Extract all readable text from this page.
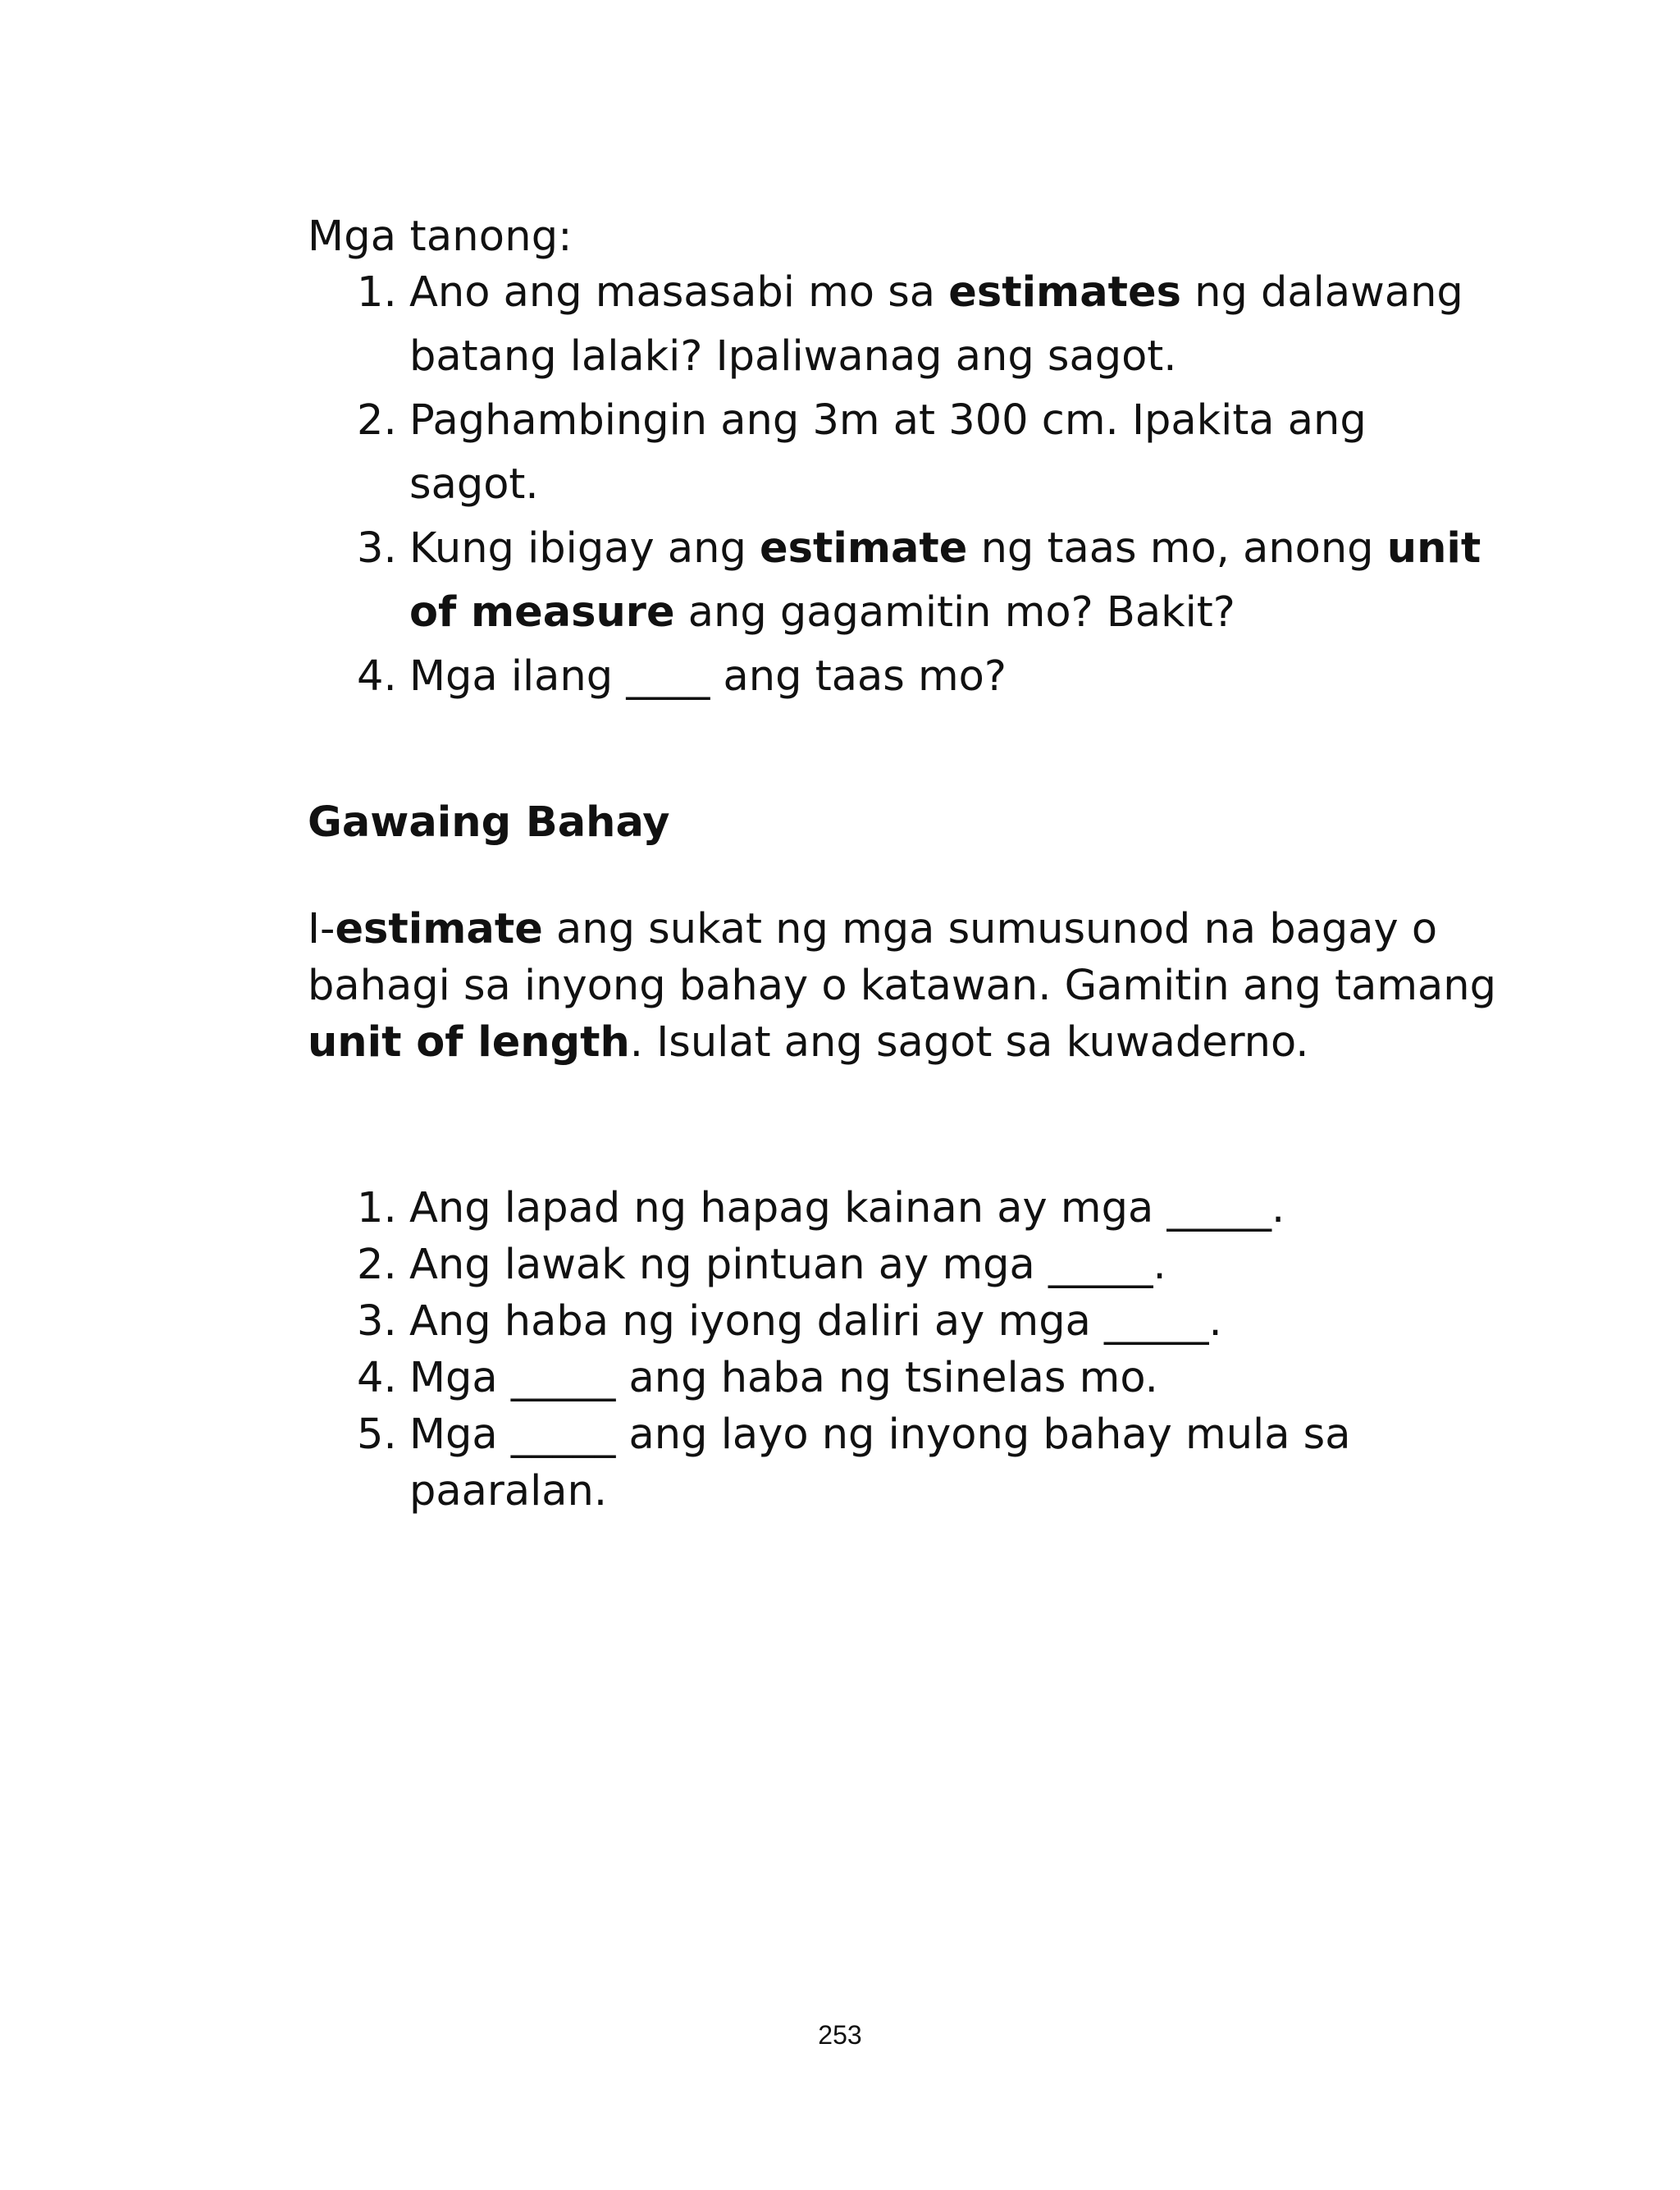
Mga tanong:
1. Ano ang masasabi mo sa estimates ng dalawang batang lalaki? Ipaliwanag ang sagot.
2. Paghambingin ang 3m at 300 cm. Ipakita ang sagot.
3. Kung ibigay ang estimate ng taas mo, anong unit of measure ang gagamitin mo? Bakit?
4. Mga ilang ____ ang taas mo?
Gawaing Bahay
I-estimate ang sukat ng mga sumusunod na bagay o bahagi sa inyong bahay o katawan. Gamitin ang tamang unit of length. Isulat ang sagot sa kuwaderno.
1. Ang lapad ng hapag kainan ay mga _____.
2. Ang lawak ng pintuan ay mga _____.
3. Ang haba ng iyong daliri ay mga _____.
4. Mga _____ ang haba ng tsinelas mo.
5. Mga _____ ang layo ng inyong bahay mula sa paaralan.
253
